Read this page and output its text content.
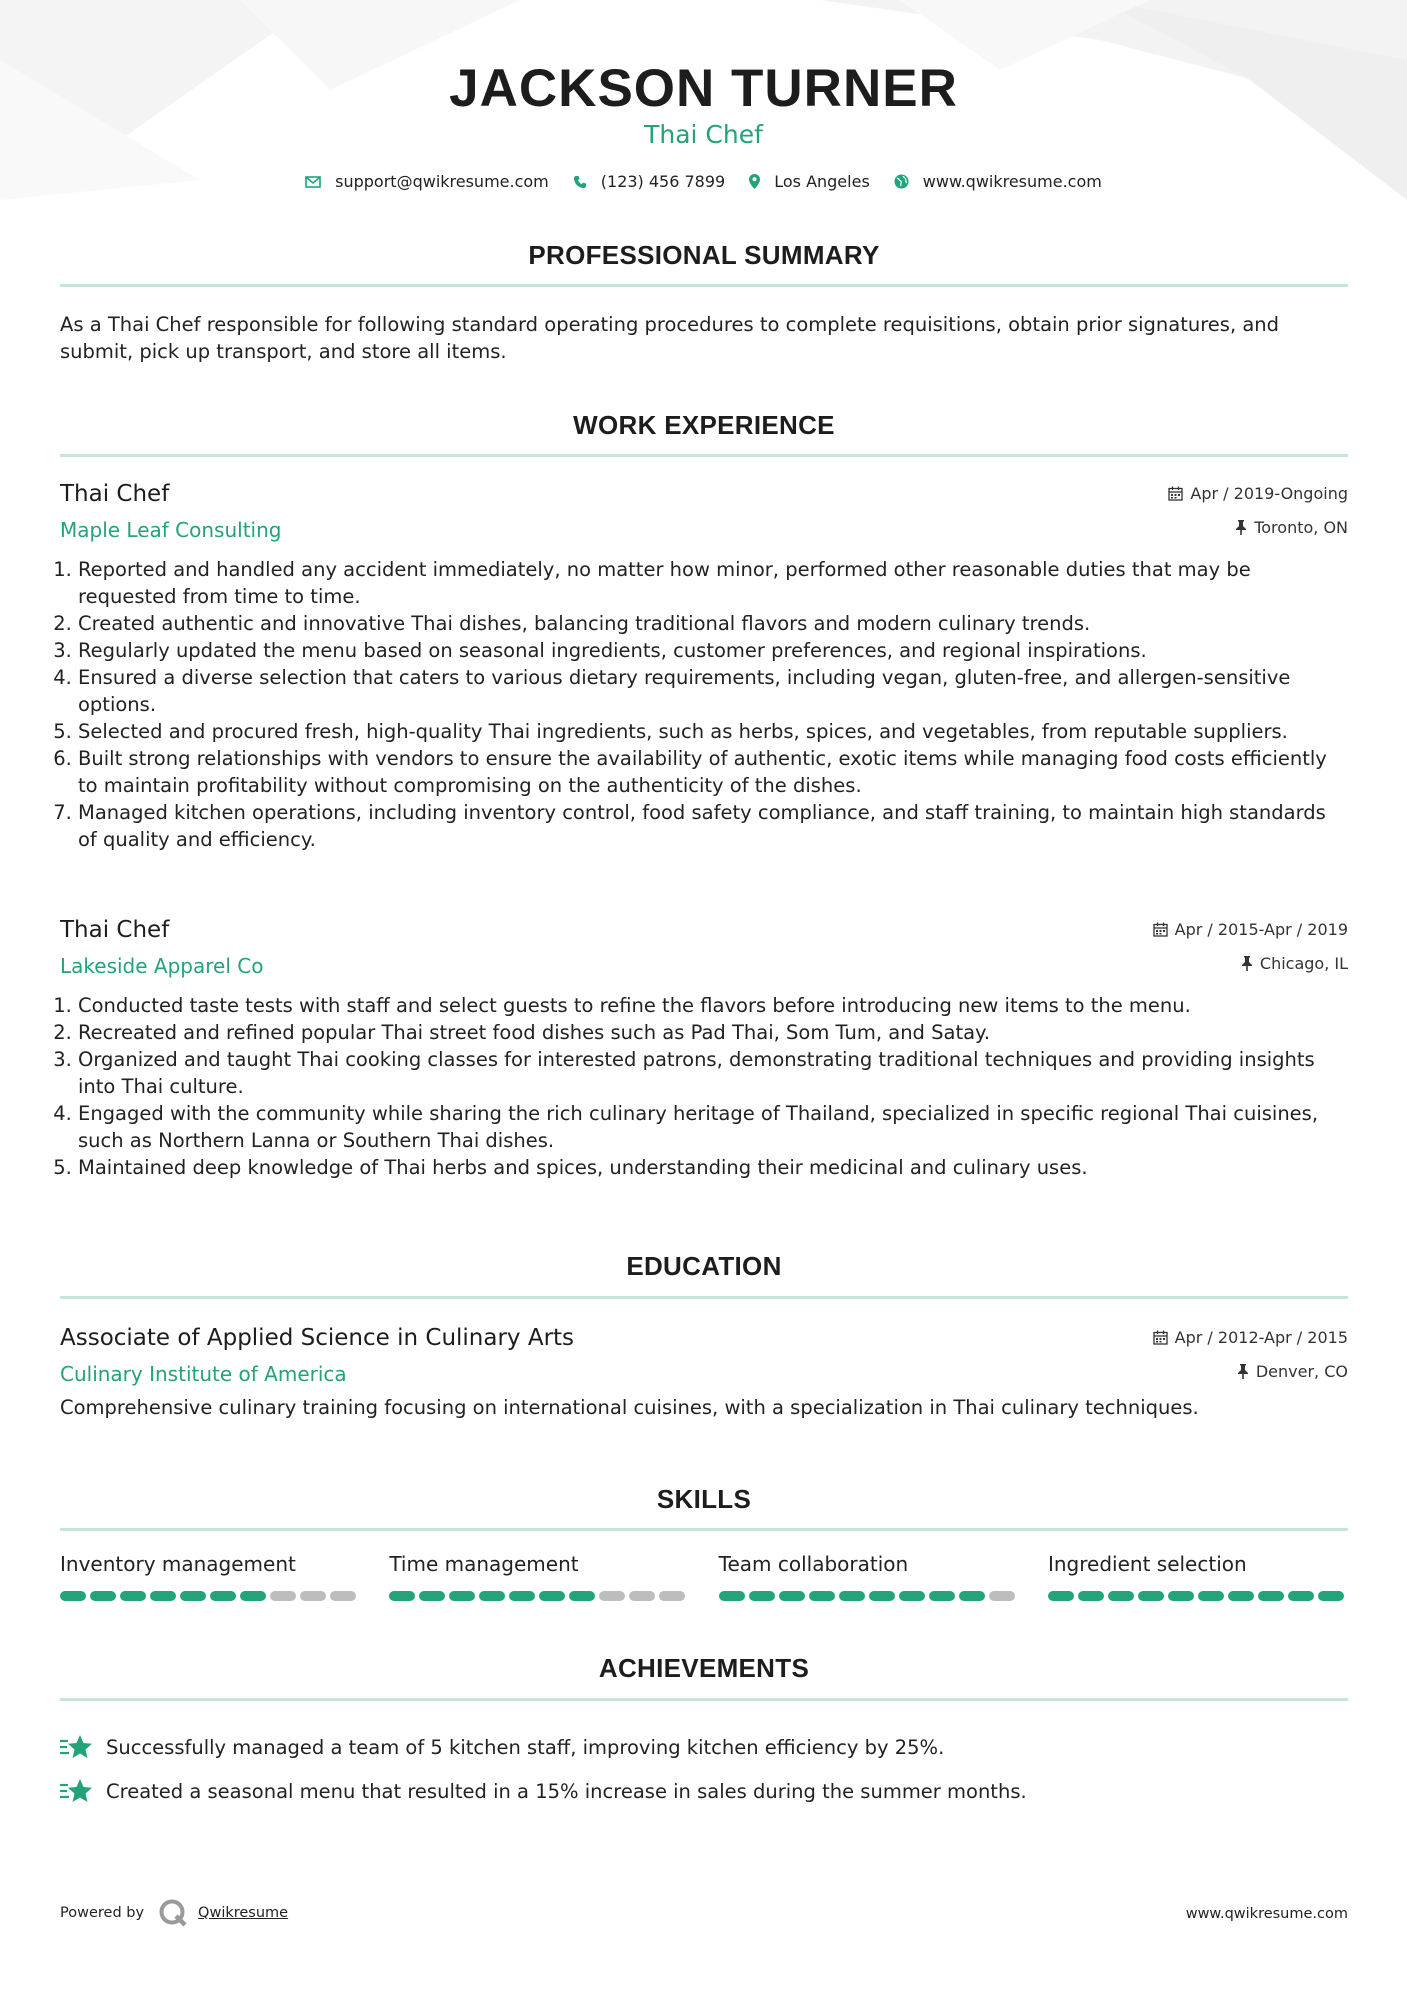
JACKSON TURNER
Thai Chef
support@qwikresume.com	(123) 456 7899	Los Angeles	www.qwikresume.com
PROFESSIONAL SUMMARY
As a Thai Chef responsible for following standard operating procedures to complete requisitions, obtain prior signatures, and submit, pick up transport, and store all items.
WORK EXPERIENCE
Thai Chef
Maple Leaf Consulting
Apr / 2019-Ongoing
Toronto, ON
1. Reported and handled any accident immediately, no matter how minor, performed other reasonable duties that may be requested from time to time.
2. Created authentic and innovative Thai dishes, balancing traditional flavors and modern culinary trends.
3. Regularly updated the menu based on seasonal ingredients, customer preferences, and regional inspirations.
4. Ensured a diverse selection that caters to various dietary requirements, including vegan, gluten-free, and allergen-sensitive options.
5. Selected and procured fresh, high-quality Thai ingredients, such as herbs, spices, and vegetables, from reputable suppliers.
6. Built strong relationships with vendors to ensure the availability of authentic, exotic items while managing food costs efficiently to maintain profitability without compromising on the authenticity of the dishes.
7. Managed kitchen operations, including inventory control, food safety compliance, and staff training, to maintain high standards of quality and efficiency.
Thai Chef
Lakeside Apparel Co
Apr / 2015-Apr / 2019
Chicago, IL
1. Conducted taste tests with staff and select guests to refine the flavors before introducing new items to the menu.
2. Recreated and refined popular Thai street food dishes such as Pad Thai, Som Tum, and Satay.
3. Organized and taught Thai cooking classes for interested patrons, demonstrating traditional techniques and providing insights into Thai culture.
4. Engaged with the community while sharing the rich culinary heritage of Thailand, specialized in specific regional Thai cuisines, such as Northern Lanna or Southern Thai dishes.
5. Maintained deep knowledge of Thai herbs and spices, understanding their medicinal and culinary uses.
EDUCATION
Associate of Applied Science in Culinary Arts
Culinary Institute of America
Apr / 2012-Apr / 2015
Denver, CO
Comprehensive culinary training focusing on international cuisines, with a specialization in Thai culinary techniques.
SKILLS
Inventory management	Time management	Team collaboration	Ingredient selection
ACHIEVEMENTS
Successfully managed a team of 5 kitchen staff, improving kitchen efficiency by 25%.
Created a seasonal menu that resulted in a 15% increase in sales during the summer months.
Powered by	Qwikresume	www.qwikresume.com
